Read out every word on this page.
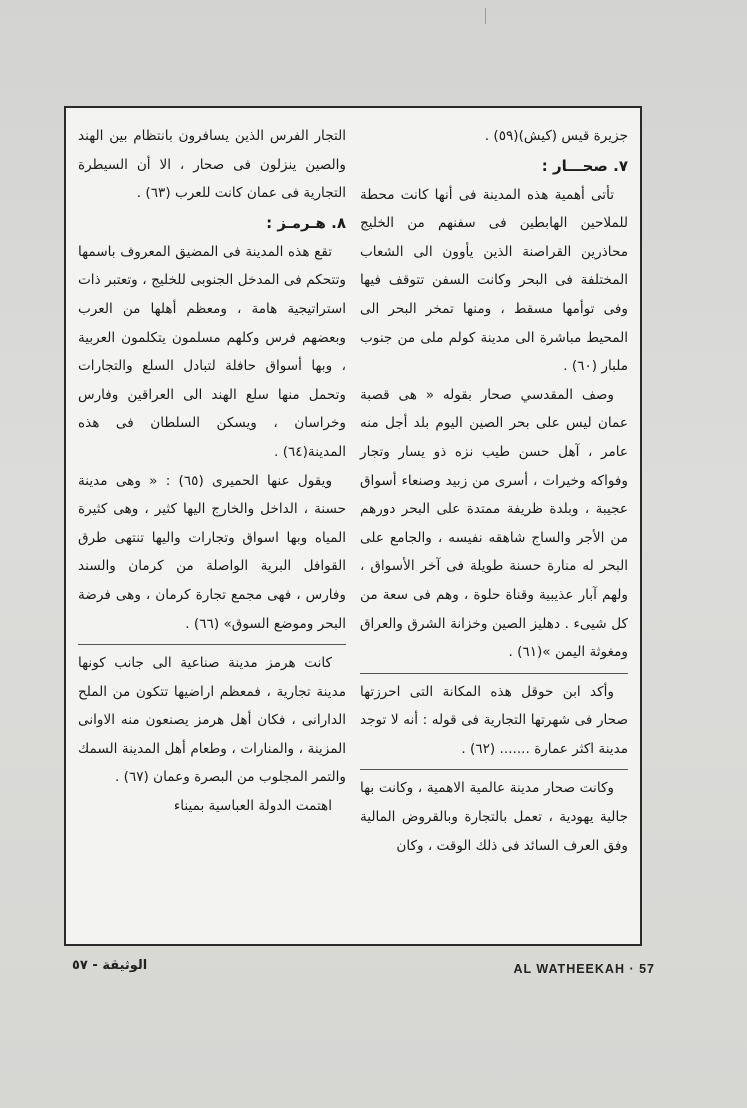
جزيرة قيس (كيش)(٥٩) .

٧. صحـــار :

تأتى أهمية هذه المدينة فى أنها كانت محطة للملاحين الهابطين فى سفنهم من الخليج محاذرين القراصنة الذين يأوون الى الشعاب المختلفة فى البحر وكانت السفن تتوقف فيها وفى توأمها مسقط ، ومنها تمخر البحر الى المحيط مباشرة الى مدينة كولم ملى من جنوب ملبار (٦٠) .

وصف المقدسي صحار بقوله « هى قصبة عمان ليس على بحر الصين اليوم بلد أجل منه عامر ، آهل حسن طيب نزه ذو يسار وتجار وفواكه وخيرات ، أسرى من زبيد وصنعاء أسواق عجيبة ، وبلدة ظريفة ممتدة على البحر دورهم من الأجر والساج شاهقه نفيسه ، والجامع على البحر له منارة حسنة طويلة فى آخر الأسواق ، ولهم آبار عذيبية وقناة حلوة ، وهم فى سعة من كل شيىء . دهليز الصين وخزانة الشرق والعراق ومغوثة اليمن »(٦١) .

وأكد ابن حوقل هذه المكانة التى احرزتها صحار فى شهرتها التجارية فى قوله : أنه لا توجد مدينة اكثر عمارة ....... (٦٢) .

وكانت صحار مدينة عالمية الاهمية ، وكانت بها جالية يهودية ، تعمل بالتجارة وبالقروض المالية وفق العرف السائد فى ذلك الوقت ، وكان

التجار الفرس الذين يسافرون بانتظام بين الهند والصين ينزلون فى صحار ، الا أن السيطرة التجارية فى عمان كانت للعرب (٦٣) .

٨. هـرمـز :

تقع هذه المدينة فى المضيق المعروف باسمها وتتحكم فى المدخل الجنوبى للخليج ، وتعتبر ذات استراتيجية هامة ، ومعظم أهلها من العرب وبعضهم فرس وكلهم مسلمون يتكلمون العربية ، وبها أسواق حافلة لتبادل السلع والتجارات وتحمل منها سلع الهند الى العراقين وفارس وخراسان ، ويسكن السلطان فى هذه المدينة(٦٤) .

ويقول عنها الحميرى (٦٥) : « وهى مدينة حسنة ، الداخل والخارج اليها كثير ، وهى كثيرة المياه وبها اسواق وتجارات واليها تنتهى طرق القوافل البرية الواصلة من كرمان والسند وفارس ، فهى مجمع تجارة كرمان ، وهى فرضة البحر وموضع السوق» (٦٦) .

كانت هرمز مدينة صناعية الى جانب كونها مدينة تجارية ، فمعظم اراضيها تتكون من الملح الدارانى ، فكان أهل هرمز يصنعون منه الاوانى المزينة ، والمنارات ، وطعام أهل المدينة السمك والتمر المجلوب من البصرة وعمان (٦٧) .

اهتمت الدولة العباسية بميناء

الوثيقة - ٥٧	AL WATHEEKAH · 57
